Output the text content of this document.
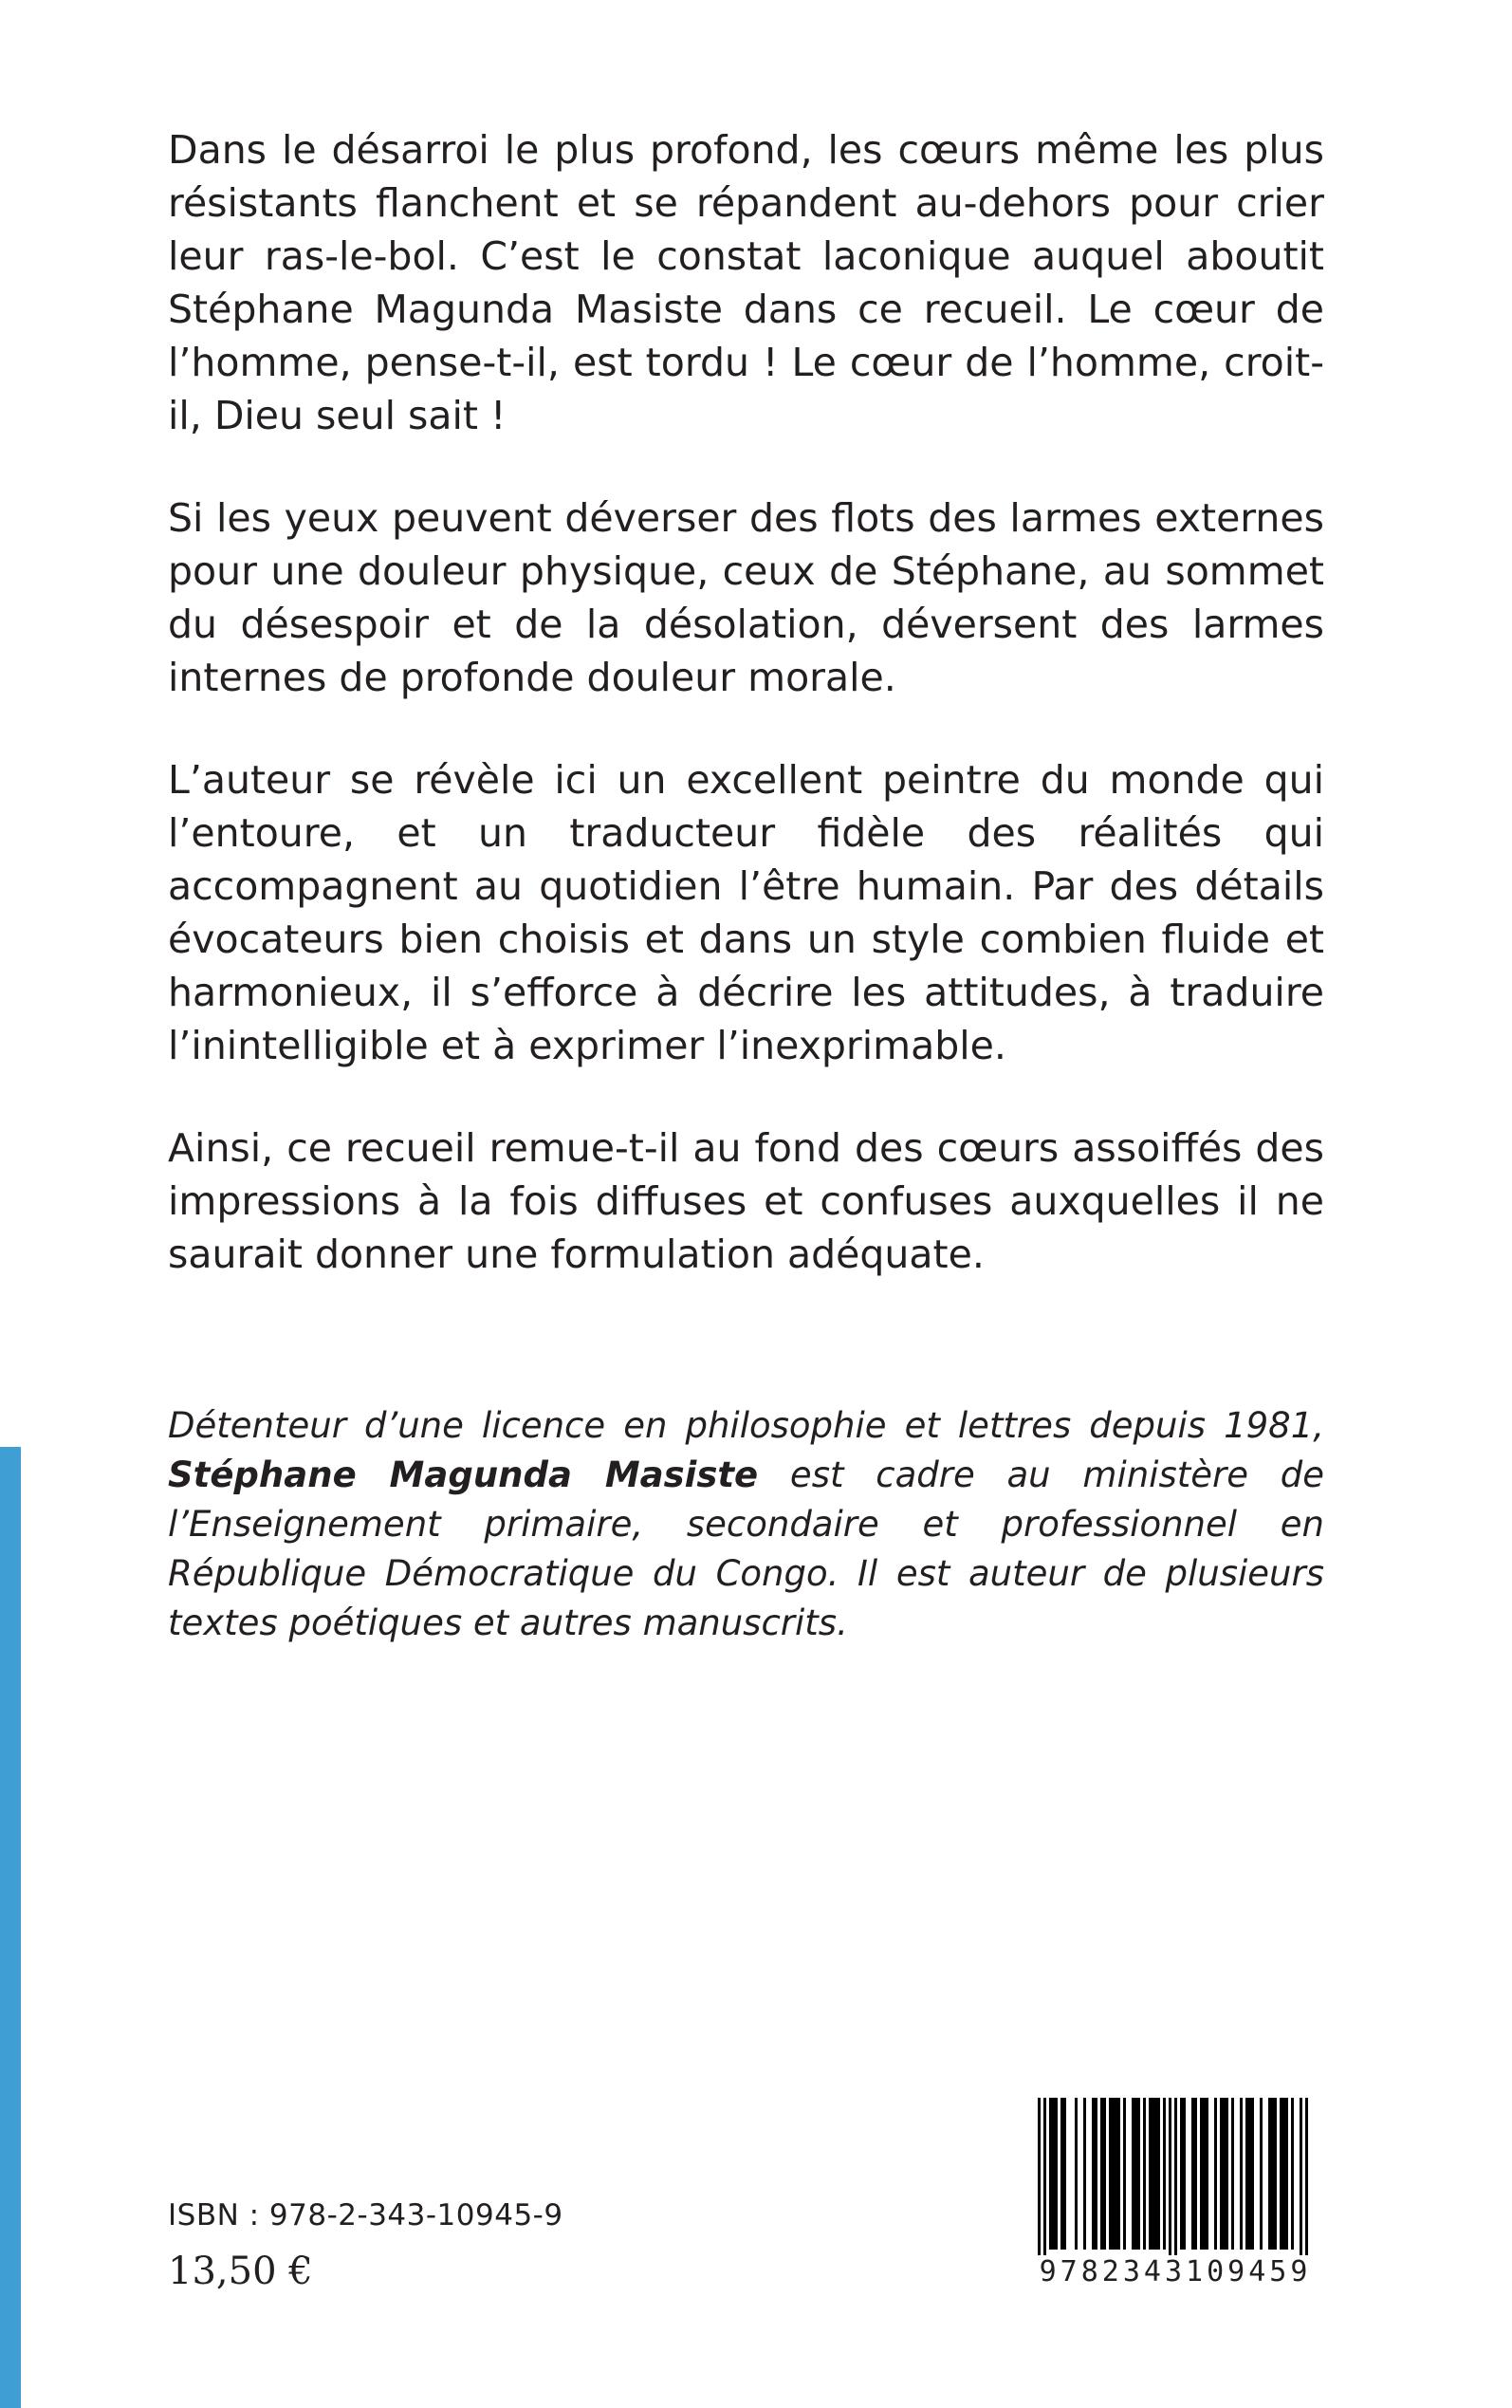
Dans le désarroi le plus profond, les cœurs même les plus résistants flanchent et se répandent au-dehors pour crier leur ras-le-bol. C’est le constat laconique auquel aboutit Stéphane Magunda Masiste dans ce recueil. Le cœur de l’homme, pense-t-il, est tordu ! Le cœur de l’homme, croit-il, Dieu seul sait !

Si les yeux peuvent déverser des flots des larmes externes pour une douleur physique, ceux de Stéphane, au sommet du désespoir et de la désolation, déversent des larmes internes de profonde douleur morale.

L’auteur se révèle ici un excellent peintre du monde qui l’entoure, et un traducteur fidèle des réalités qui accompagnent au quotidien l’être humain. Par des détails évocateurs bien choisis et dans un style combien fluide et harmonieux, il s’efforce à décrire les attitudes, à traduire l’inintelligible et à exprimer l’inexprimable.

Ainsi, ce recueil remue-t-il au fond des cœurs assoiffés des impressions à la fois diffuses et confuses auxquelles il ne saurait donner une formulation adéquate.

Détenteur d’une licence en philosophie et lettres depuis 1981, Stéphane Magunda Masiste est cadre au ministère de l’Enseignement primaire, secondaire et professionnel en République Démocratique du Congo. Il est auteur de plusieurs textes poétiques et autres manuscrits.
ISBN : 978-2-343-10945-9
13,50 €	9782343109459
